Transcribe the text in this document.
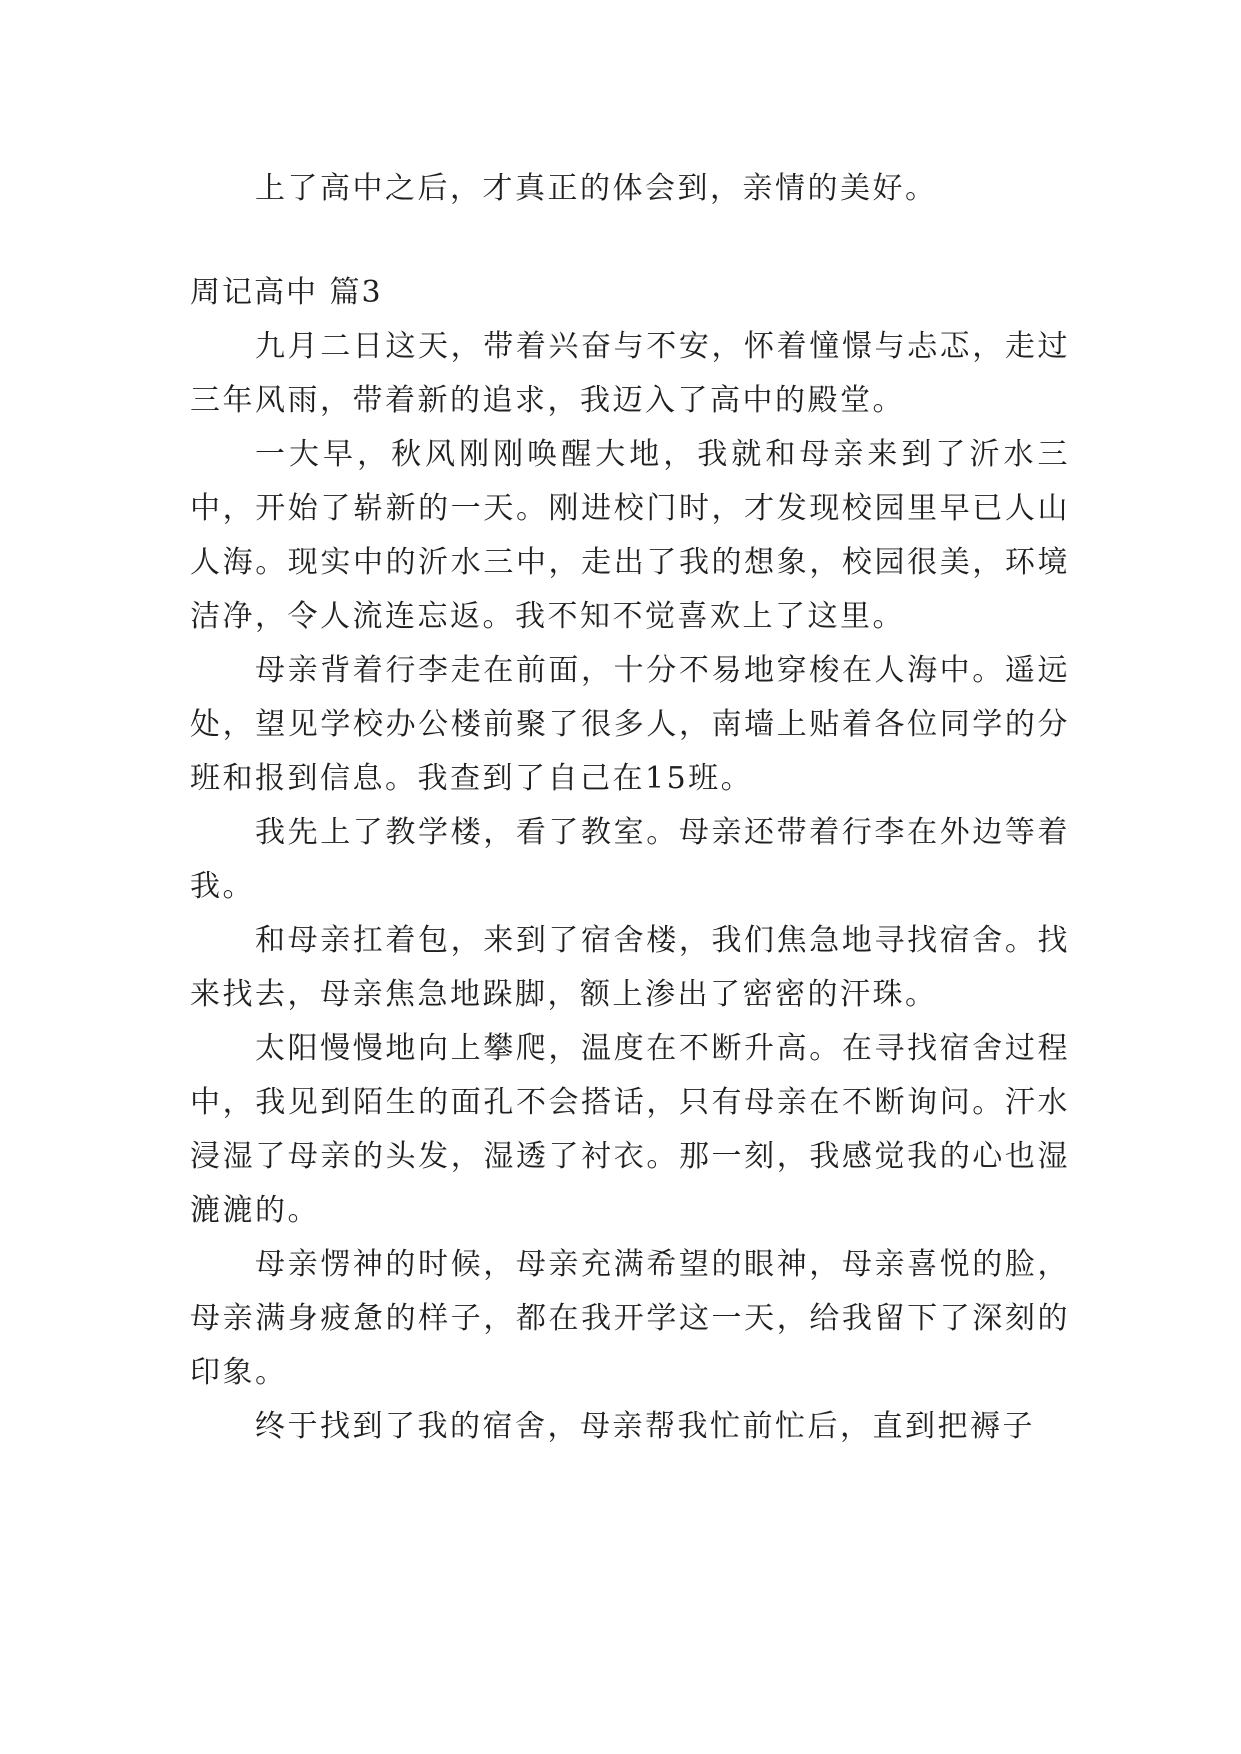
上了高中之后，才真正的体会到，亲情的美好。

周记高中 篇3

九月二日这天，带着兴奋与不安，怀着憧憬与忐忑，走过三年风雨，带着新的追求，我迈入了高中的殿堂。

一大早，秋风刚刚唤醒大地，我就和母亲来到了沂水三中，开始了崭新的一天。刚进校门时，才发现校园里早已人山人海。现实中的沂水三中，走出了我的想象，校园很美，环境洁净，令人流连忘返。我不知不觉喜欢上了这里。

母亲背着行李走在前面，十分不易地穿梭在人海中。遥远处，望见学校办公楼前聚了很多人，南墙上贴着各位同学的分班和报到信息。我查到了自己在15班。

我先上了教学楼，看了教室。母亲还带着行李在外边等着我。

和母亲扛着包，来到了宿舍楼，我们焦急地寻找宿舍。找来找去，母亲焦急地跺脚，额上渗出了密密的汗珠。

太阳慢慢地向上攀爬，温度在不断升高。在寻找宿舍过程中，我见到陌生的面孔不会搭话，只有母亲在不断询问。汗水浸湿了母亲的头发，湿透了衬衣。那一刻，我感觉我的心也湿漉漉的。

母亲愣神的时候，母亲充满希望的眼神，母亲喜悦的脸，母亲满身疲惫的样子，都在我开学这一天，给我留下了深刻的印象。

终于找到了我的宿舍，母亲帮我忙前忙后，直到把褥子
